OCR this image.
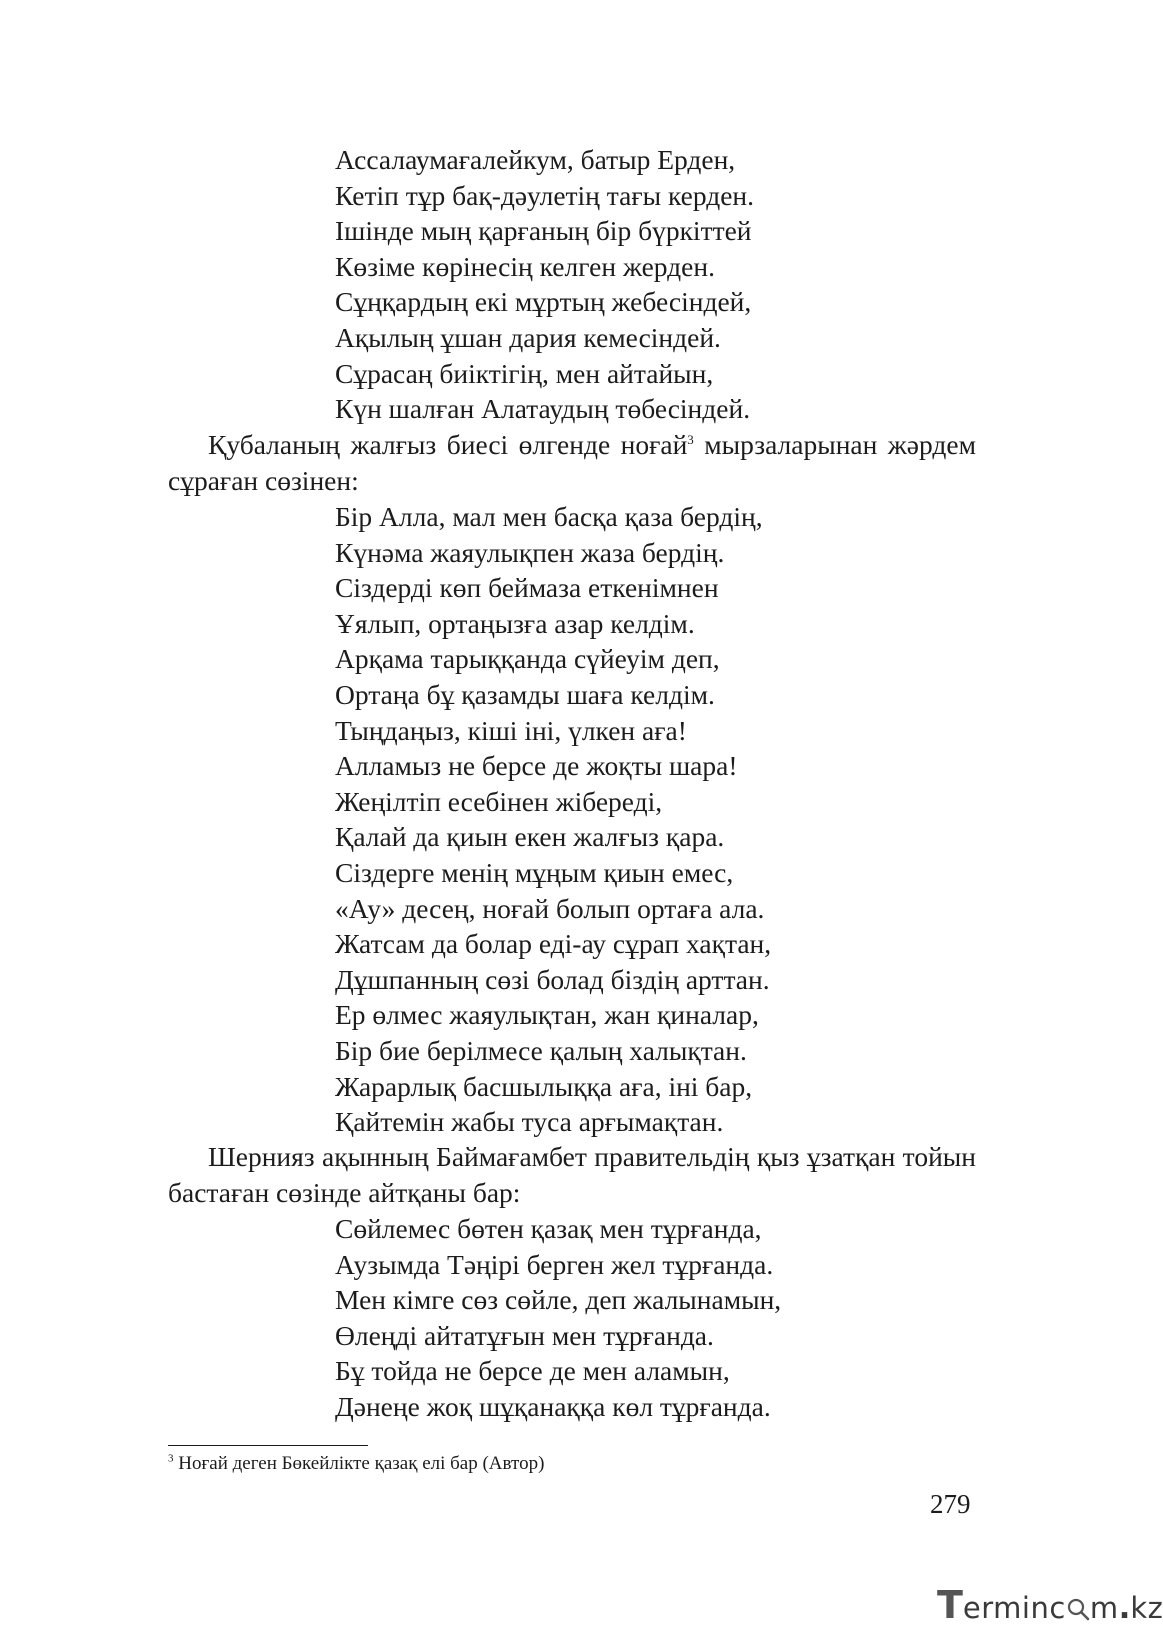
Ассалаумағалейкум, батыр Ерден,
Кетіп тұр бақ-дәулетің тағы керден.
Ішінде мың қарғаның бір бүркіттей
Көзіме көрінесің келген жерден.
Сұңқардың екі мұртың жебесіндей,
Ақылың ұшан дария кемесіндей.
Сұрасаң биіктігің, мен айтайын,
Күн шалған Алатаудың төбесіндей.

Қубаланың жалғыз биесі өлгенде ноғай$^3$ мырзаларынан жәрдем сұраған сөзінен:

Бір Алла, мал мен басқа қаза бердің,
Күнәма жаяулықпен жаза бердің.
Сіздерді көп беймаза еткенімнен
Ұялып, ортаңызға азар келдім.
Арқама тарыққанда сүйеуім деп,
Ортаңа бұ қазамды шаға келдім.
Тыңдаңыз, кіші іні, үлкен аға!
Алламыз не берсе де жоқты шара!
Жеңілтіп есебінен жібереді,
Қалай да қиын екен жалғыз қара.
Сіздерге менің мұңым қиын емес,
«Ау» десең, ноғай болып ортаға ала.
Жатсам да болар еді-ау сұрап хақтан,
Дұшпанның сөзі болад біздің арттан.
Ер өлмес жаяулықтан, жан қиналар,
Бір бие берілмесе қалың халықтан.
Жарарлық басшылыққа аға, іні бар,
Қайтемін жабы туса арғымақтан.

Шернияз ақынның Баймағамбет правительдің қыз ұзатқан тойын бастаған сөзінде айтқаны бар:

Сөйлемес бөтен қазақ мен тұрғанда,
Аузымда Тәңірі берген жел тұрғанда.
Мен кімге сөз сөйле, деп жалынамын,
Өлеңді айтатұғын мен тұрғанда.
Бұ тойда не берсе де мен аламын,
Дәнеңе жоқ шұқанаққа көл тұрғанда.
$^3$ Ноғай деген Бөкейлікте қазақ елі бар (Автор)
279
Terminc m.kz
